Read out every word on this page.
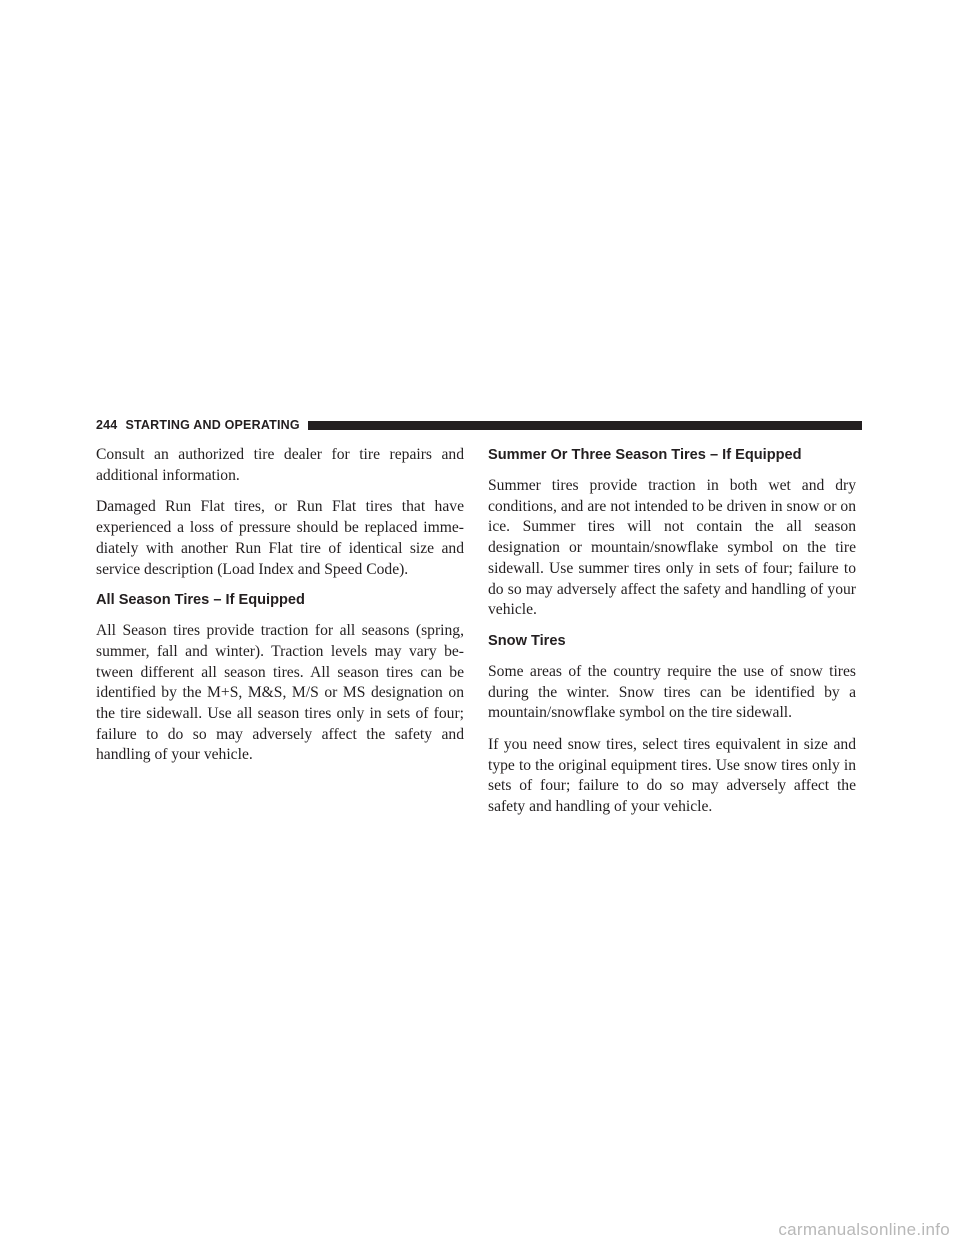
244 STARTING AND OPERATING

Consult an authorized tire dealer for tire repairs and additional information.

Damaged Run Flat tires, or Run Flat tires that have experienced a loss of pressure should be replaced imme- diately with another Run Flat tire of identical size and service description (Load Index and Speed Code).

All Season Tires – If Equipped

All Season tires provide traction for all seasons (spring, summer, fall and winter). Traction levels may vary be- tween different all season tires. All season tires can be identified by the M+S, M&S, M/S or MS designation on the tire sidewall. Use all season tires only in sets of four; failure to do so may adversely affect the safety and handling of your vehicle.

Summer Or Three Season Tires – If Equipped

Summer tires provide traction in both wet and dry conditions, and are not intended to be driven in snow or on ice. Summer tires will not contain the all season designation or mountain/snowflake symbol on the tire sidewall. Use summer tires only in sets of four; failure to do so may adversely affect the safety and handling of your vehicle.

Snow Tires

Some areas of the country require the use of snow tires during the winter. Snow tires can be identified by a mountain/snowflake symbol on the tire sidewall.

If you need snow tires, select tires equivalent in size and type to the original equipment tires. Use snow tires only in sets of four; failure to do so may adversely affect the safety and handling of your vehicle.

carmanualsonline.info
